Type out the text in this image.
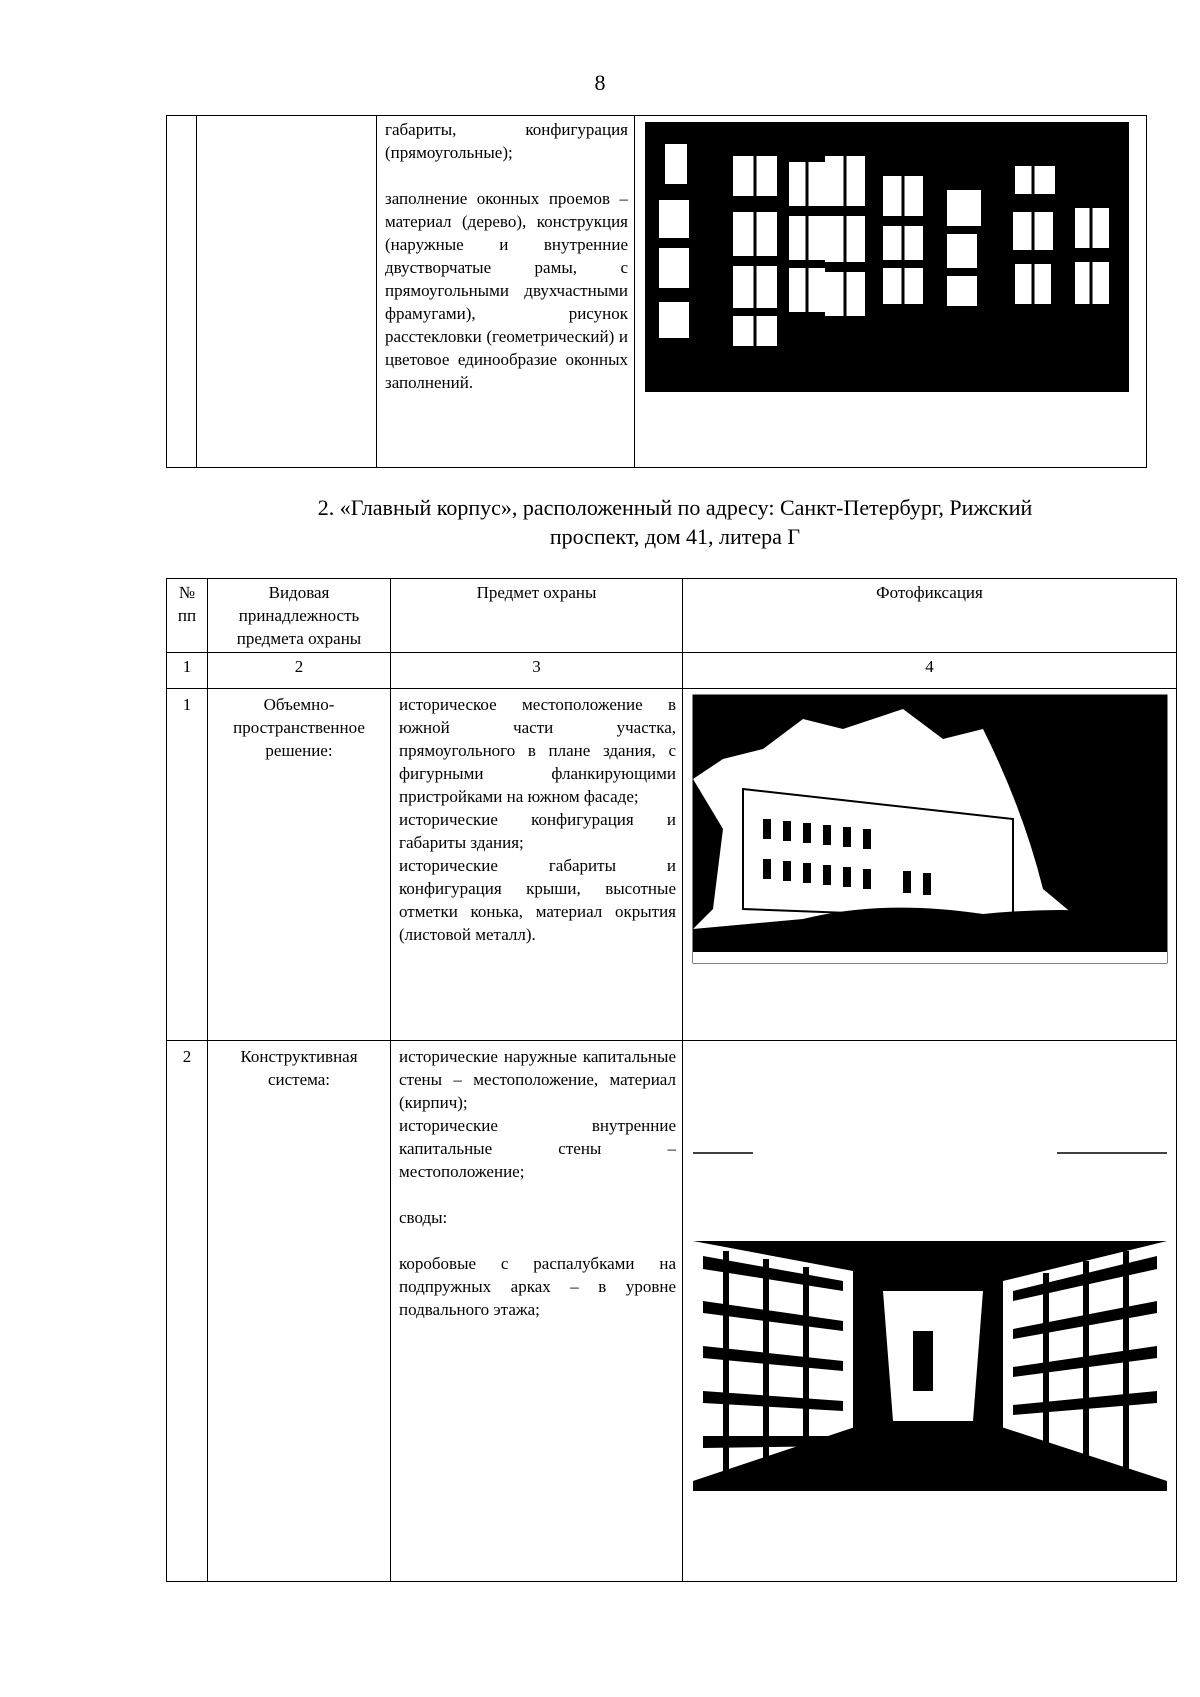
8

габариты, конфигурация (прямоугольные);

заполнение оконных проемов – материал (дерево), конструкция (наружные и внутренние двустворчатые рамы, с прямоугольными двухчастными фрамугами), рисунок расстекловки (геометрический) и цветовое единообразие оконных заполнений.

2. «Главный корпус», расположенный по адресу: Санкт-Петербург, Рижский
проспект, дом 41, литера Г
№ пп	Видовая принадлежность предмета охраны	Предмет охраны	Фотофиксация
1	2	3	4
1	Объемно-пространственное решение:	историческое местоположение в южной части участка, прямоугольного в плане здания, с фигурными фланкирующими пристройками на южном фасаде;
исторические конфигурация и габариты здания;
исторические габариты и конфигурация крыши, высотные отметки конька, материал окрытия (листовой металл).

2	Конструктивная система:	исторические наружные капитальные стены – местоположение, материал (кирпич);
исторические внутренние капитальные стены – местоположение;
своды:
коробовые с распалубками на подпружных арках – в уровне подвального этажа;
